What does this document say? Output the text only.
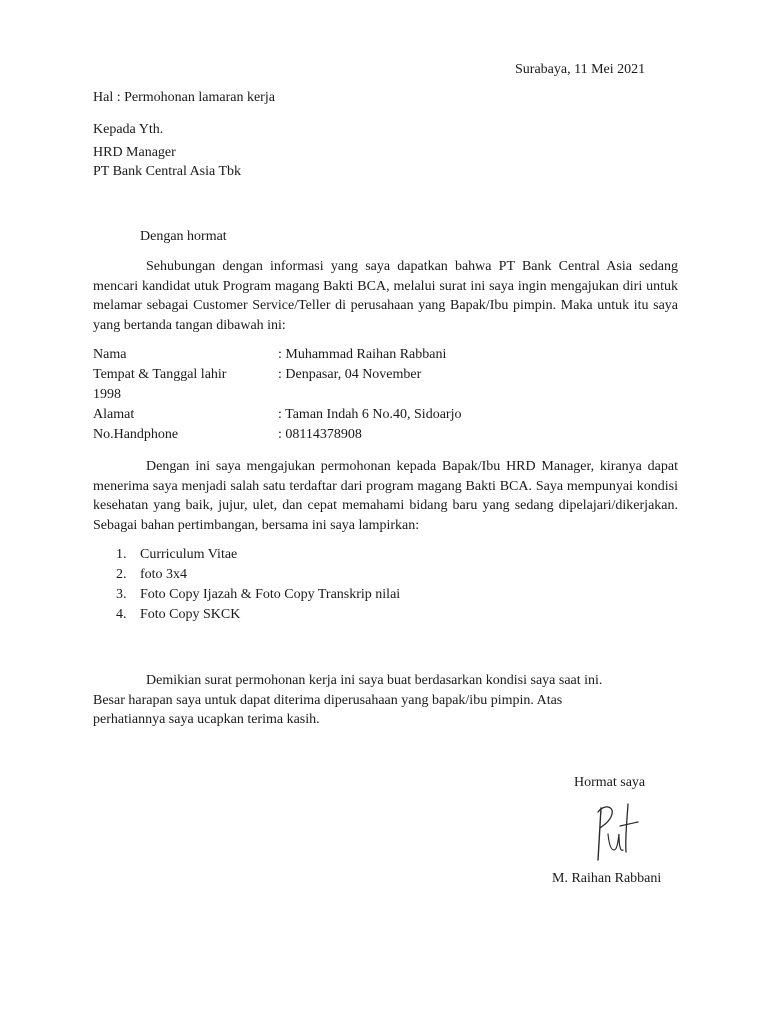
Surabaya, 11 Mei 2021
Hal : Permohonan lamaran kerja
Kepada Yth.
HRD Manager
PT Bank Central Asia Tbk
Dengan hormat
Sehubungan dengan informasi yang saya dapatkan bahwa PT Bank Central Asia sedang mencari kandidat utuk Program magang Bakti BCA, melalui surat ini saya ingin mengajukan diri untuk melamar sebagai Customer Service/Teller di perusahaan yang Bapak/Ibu pimpin. Maka untuk itu saya yang bertanda tangan dibawah ini:
Nama	: Muhammad Raihan Rabbani
Tempat & Tanggal lahir	: Denpasar, 04 November
1998
Alamat	: Taman Indah 6 No.40, Sidoarjo
No.Handphone	: 08114378908
Dengan ini saya mengajukan permohonan kepada Bapak/Ibu HRD Manager, kiranya dapat menerima saya menjadi salah satu terdaftar dari program magang Bakti BCA. Saya mempunyai kondisi kesehatan yang baik, jujur, ulet, dan cepat memahami bidang baru yang sedang dipelajari/dikerjakan. Sebagai bahan pertimbangan, bersama ini saya lampirkan:
1. Curriculum Vitae
2. foto 3x4
3. Foto Copy Ijazah & Foto Copy Transkrip nilai
4. Foto Copy SKCK

Demikian surat permohonan kerja ini saya buat berdasarkan kondisi saya saat ini.

Besar harapan saya untuk dapat diterima diperusahaan yang bapak/ibu pimpin. Atas

perhatiannya saya ucapkan terima kasih.

Hormat saya
M. Raihan Rabbani
